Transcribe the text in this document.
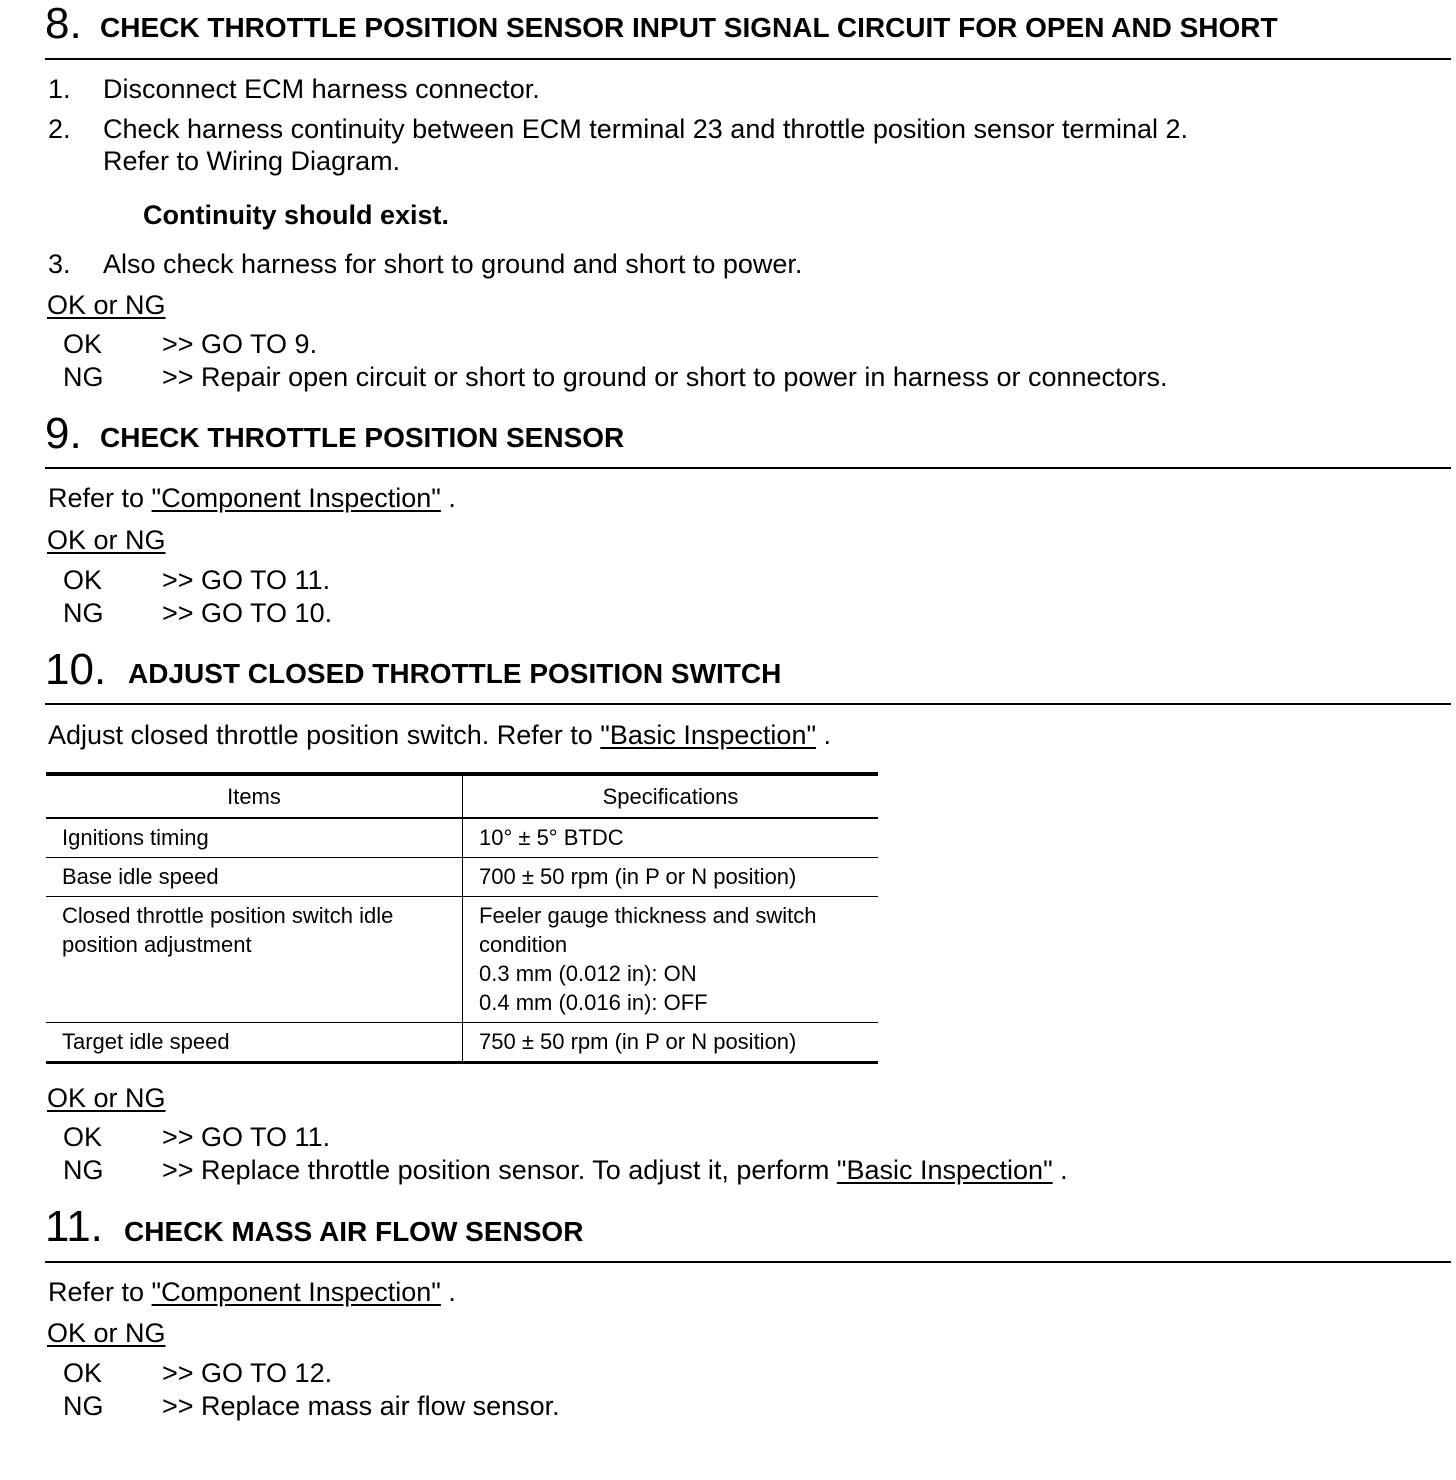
8. CHECK THROTTLE POSITION SENSOR INPUT SIGNAL CIRCUIT FOR OPEN AND SHORT
1. Disconnect ECM harness connector.
2. Check harness continuity between ECM terminal 23 and throttle position sensor terminal 2.
Refer to Wiring Diagram.
Continuity should exist.
3. Also check harness for short to ground and short to power.
OK or NG
OK >> GO TO 9.
NG >> Repair open circuit or short to ground or short to power in harness or connectors.
9. CHECK THROTTLE POSITION SENSOR
Refer to "Component Inspection" .
OK or NG
OK >> GO TO 11.
NG >> GO TO 10.
10. ADJUST CLOSED THROTTLE POSITION SWITCH
Adjust closed throttle position switch. Refer to "Basic Inspection" .
Items	Specifications
Ignitions timing	10° ± 5° BTDC
Base idle speed	700 ± 50 rpm (in P or N position)
Closed throttle position switch idle position adjustment	Feeler gauge thickness and switch condition
0.3 mm (0.012 in): ON
0.4 mm (0.016 in): OFF

Target idle speed	750 ± 50 rpm (in P or N position)
OK or NG
OK >> GO TO 11.
NG >> Replace throttle position sensor. To adjust it, perform "Basic Inspection" .
11. CHECK MASS AIR FLOW SENSOR
Refer to "Component Inspection" .
OK or NG
OK >> GO TO 12.
NG >> Replace mass air flow sensor.
